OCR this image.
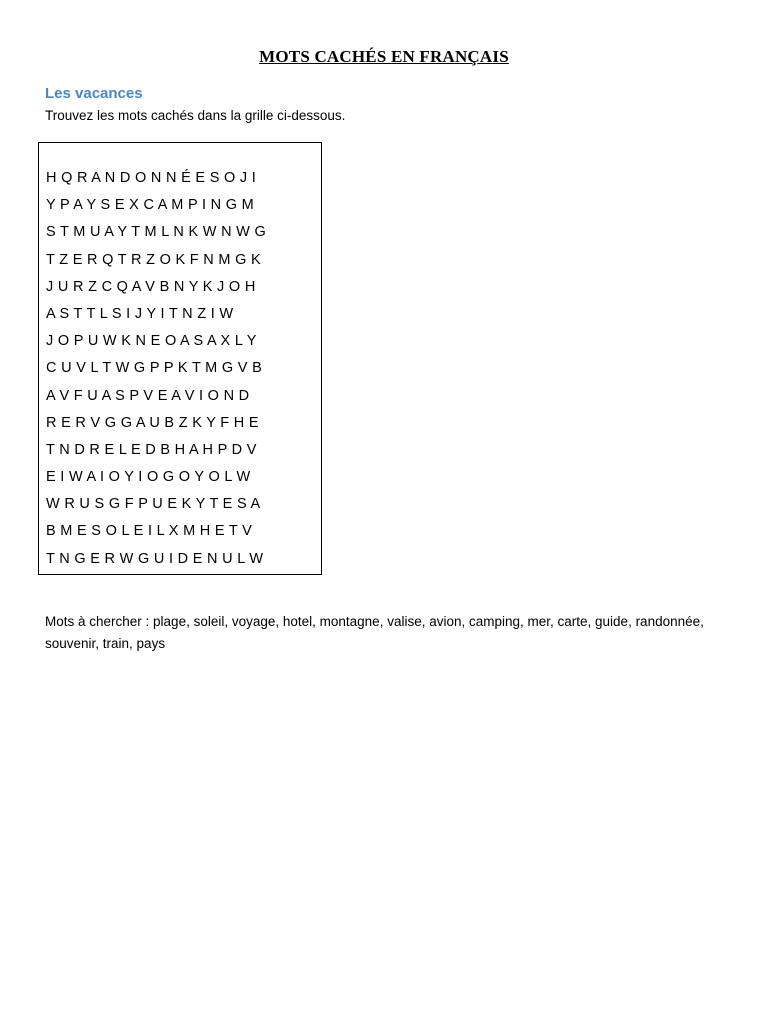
MOTS CACHÉS EN FRANÇAIS
Les vacances
Trouvez les mots cachés dans la grille ci-dessous.
H Q R A N D O N N É E S O J I
Y P A Y S E X C A M P I N G M
S T M U A Y T M L N K W N W G
T Z E R Q T R Z O K F N M G K
J U R Z C Q A V B N Y K J O H
A S T T L S I J Y I T N Z I W
J O P U W K N E O A S A X L Y
C U V L T W G P P K T M G V B
A V F U A S P V E A V I O N D
R E R V G G A U B Z K Y F H E
T N D R E L E D B H A H P D V
E I W A I O Y I O G O Y O L W
W R U S G F P U E K Y T E S A
B M E S O L E I L X M H E T V
T N G E R W G U I D E N U L W
Mots à chercher : plage, soleil, voyage, hotel, montagne, valise, avion, camping, mer, carte, guide, randonnée, souvenir, train, pays
